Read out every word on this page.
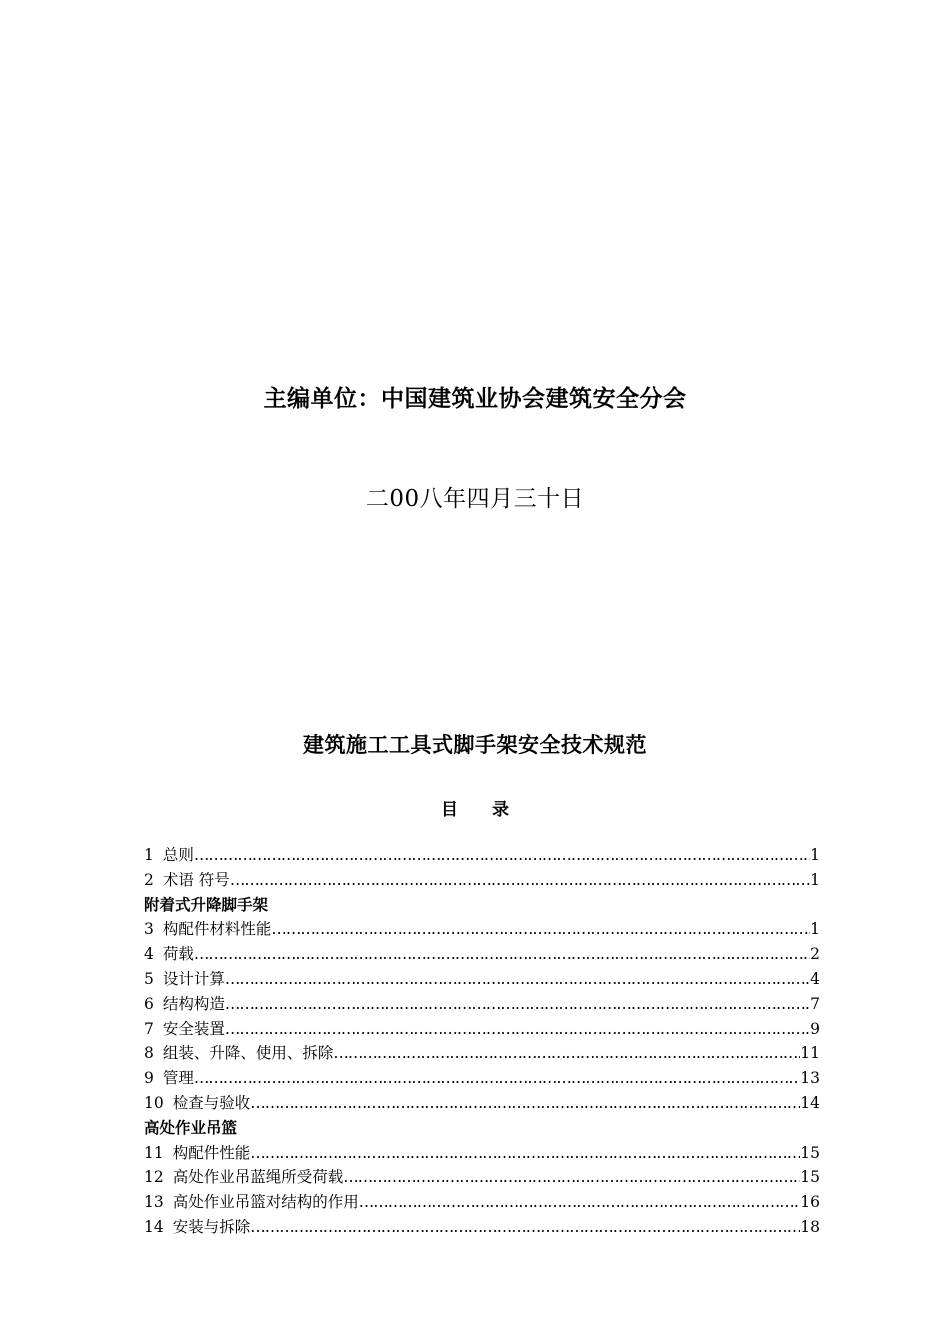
主编单位：中国建筑业协会建筑安全分会
二00八年四月三十日
建筑施工工具式脚手架安全技术规范
目 录
1 总则 …………………………………………………………………………………………………………………………………………………………………………………………………………	1
2 术语 符号 …………………………………………………………………………………………………………………………………………………………………………………………………………	1
附着式升降脚手架
3 构配件材料性能 …………………………………………………………………………………………………………………………………………………………………………………………………………	1
4 荷载 …………………………………………………………………………………………………………………………………………………………………………………………………………	2
5 设计计算 …………………………………………………………………………………………………………………………………………………………………………………………………………	4
6 结构构造 …………………………………………………………………………………………………………………………………………………………………………………………………………	7
7 安全装置 …………………………………………………………………………………………………………………………………………………………………………………………………………	9
8 组装、升降、使用、拆除 …………………………………………………………………………………………………………………………………………………………………………………………………………	11
9 管理 …………………………………………………………………………………………………………………………………………………………………………………………………………	13
10 检查与验收 …………………………………………………………………………………………………………………………………………………………………………………………………………	14
高处作业吊篮
11 构配件性能 …………………………………………………………………………………………………………………………………………………………………………………………………………	15
12 高处作业吊蓝绳所受荷载 …………………………………………………………………………………………………………………………………………………………………………………………………………	15
13 高处作业吊篮对结构的作用 …………………………………………………………………………………………………………………………………………………………………………………………………………	16
14 安装与拆除 …………………………………………………………………………………………………………………………………………………………………………………………………………	18
